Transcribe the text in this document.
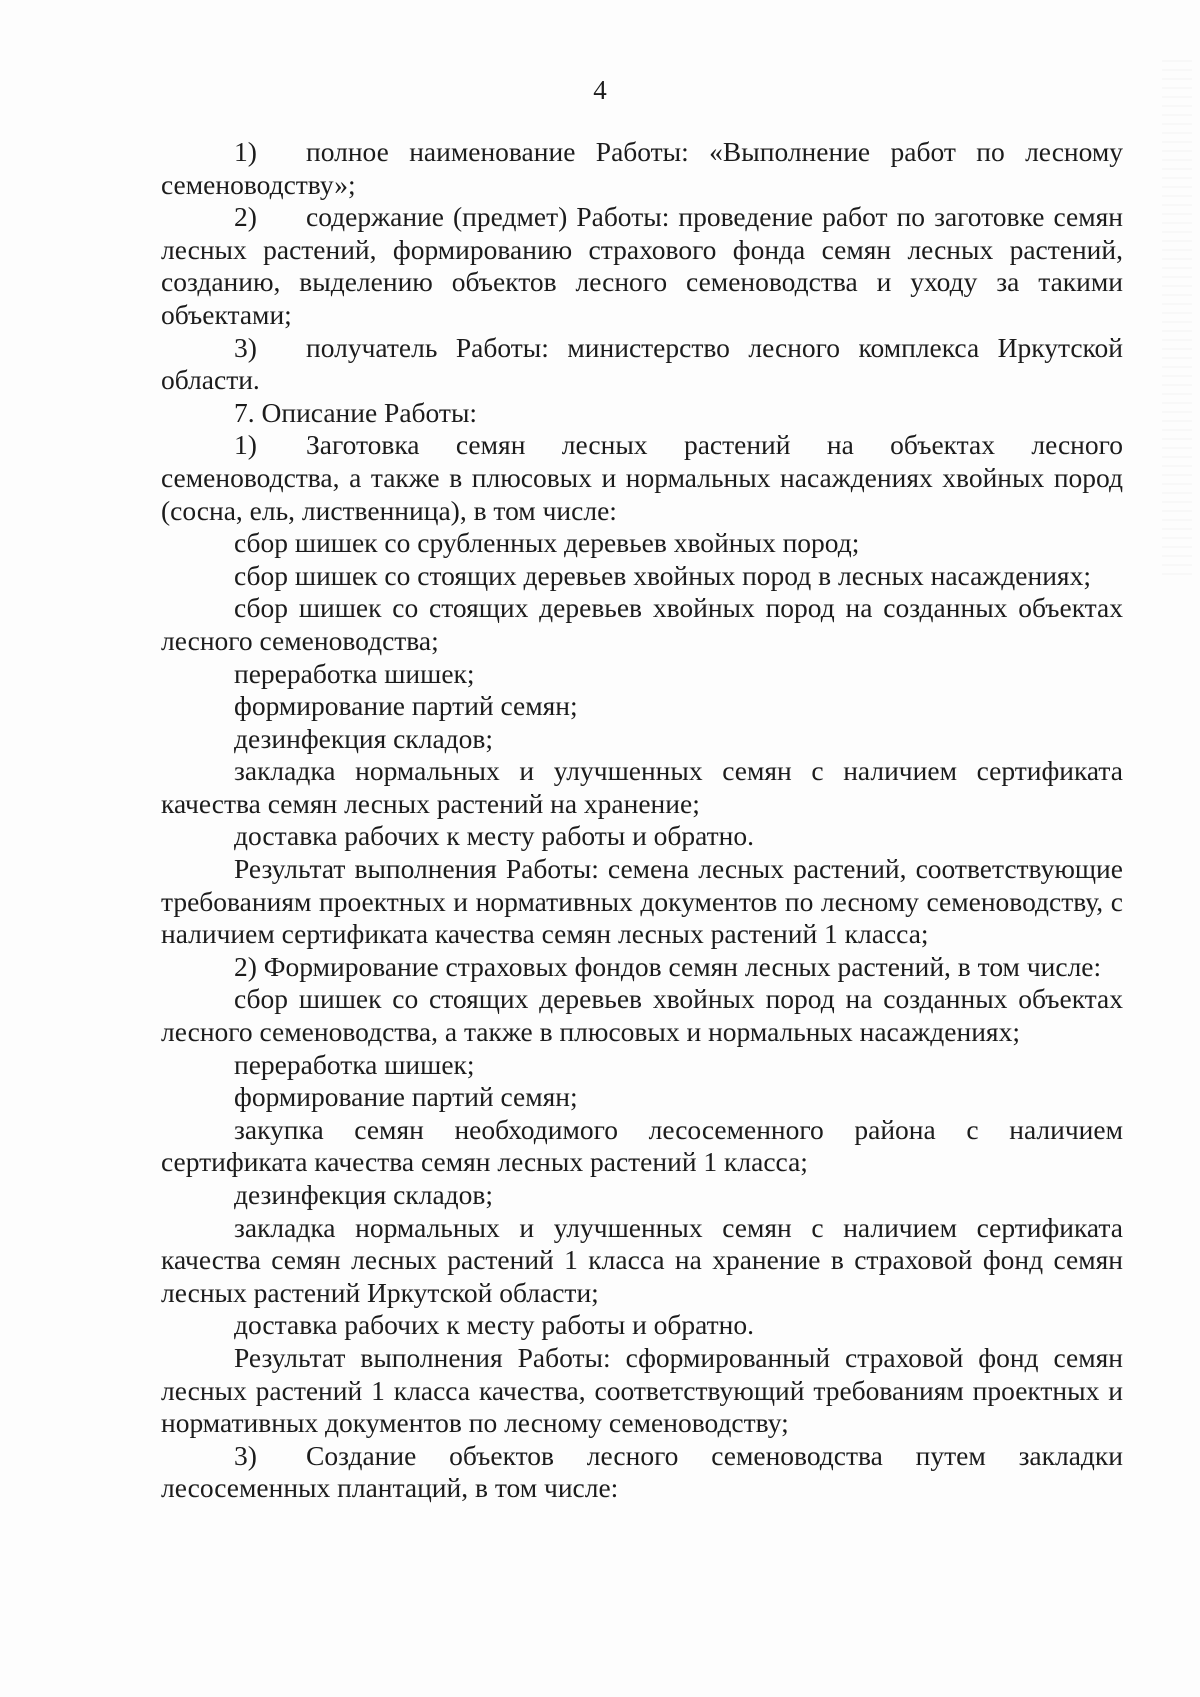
4

1) полное наименование Работы: «Выполнение работ по лесному семеноводству»;

2) содержание (предмет) Работы: проведение работ по заготовке семян лесных растений, формированию страхового фонда семян лесных растений, созданию, выделению объектов лесного семеноводства и уходу за такими объектами;

3) получатель Работы: министерство лесного комплекса Иркутской области.

7. Описание Работы:

1) Заготовка семян лесных растений на объектах лесного семеноводства, а также в плюсовых и нормальных насаждениях хвойных пород (сосна, ель, лиственница), в том числе:

сбор шишек со срубленных деревьев хвойных пород;

сбор шишек со стоящих деревьев хвойных пород в лесных насаждениях;

сбор шишек со стоящих деревьев хвойных пород на созданных объектах лесного семеноводства;

переработка шишек;

формирование партий семян;

дезинфекция складов;

закладка нормальных и улучшенных семян с наличием сертификата качества семян лесных растений на хранение;

доставка рабочих к месту работы и обратно.

Результат выполнения Работы: семена лесных растений, соответствующие требованиям проектных и нормативных документов по лесному семеноводству, с наличием сертификата качества семян лесных растений 1 класса;

2) Формирование страховых фондов семян лесных растений, в том числе:

сбор шишек со стоящих деревьев хвойных пород на созданных объектах лесного семеноводства, а также в плюсовых и нормальных насаждениях;

переработка шишек;

формирование партий семян;

закупка семян необходимого лесосеменного района с наличием сертификата качества семян лесных растений 1 класса;

дезинфекция складов;

закладка нормальных и улучшенных семян с наличием сертификата качества семян лесных растений 1 класса на хранение в страховой фонд семян лесных растений Иркутской области;

доставка рабочих к месту работы и обратно.

Результат выполнения Работы: сформированный страховой фонд семян лесных растений 1 класса качества, соответствующий требованиям проектных и нормативных документов по лесному семеноводству;

3) Создание объектов лесного семеноводства путем закладки лесосеменных плантаций, в том числе:
